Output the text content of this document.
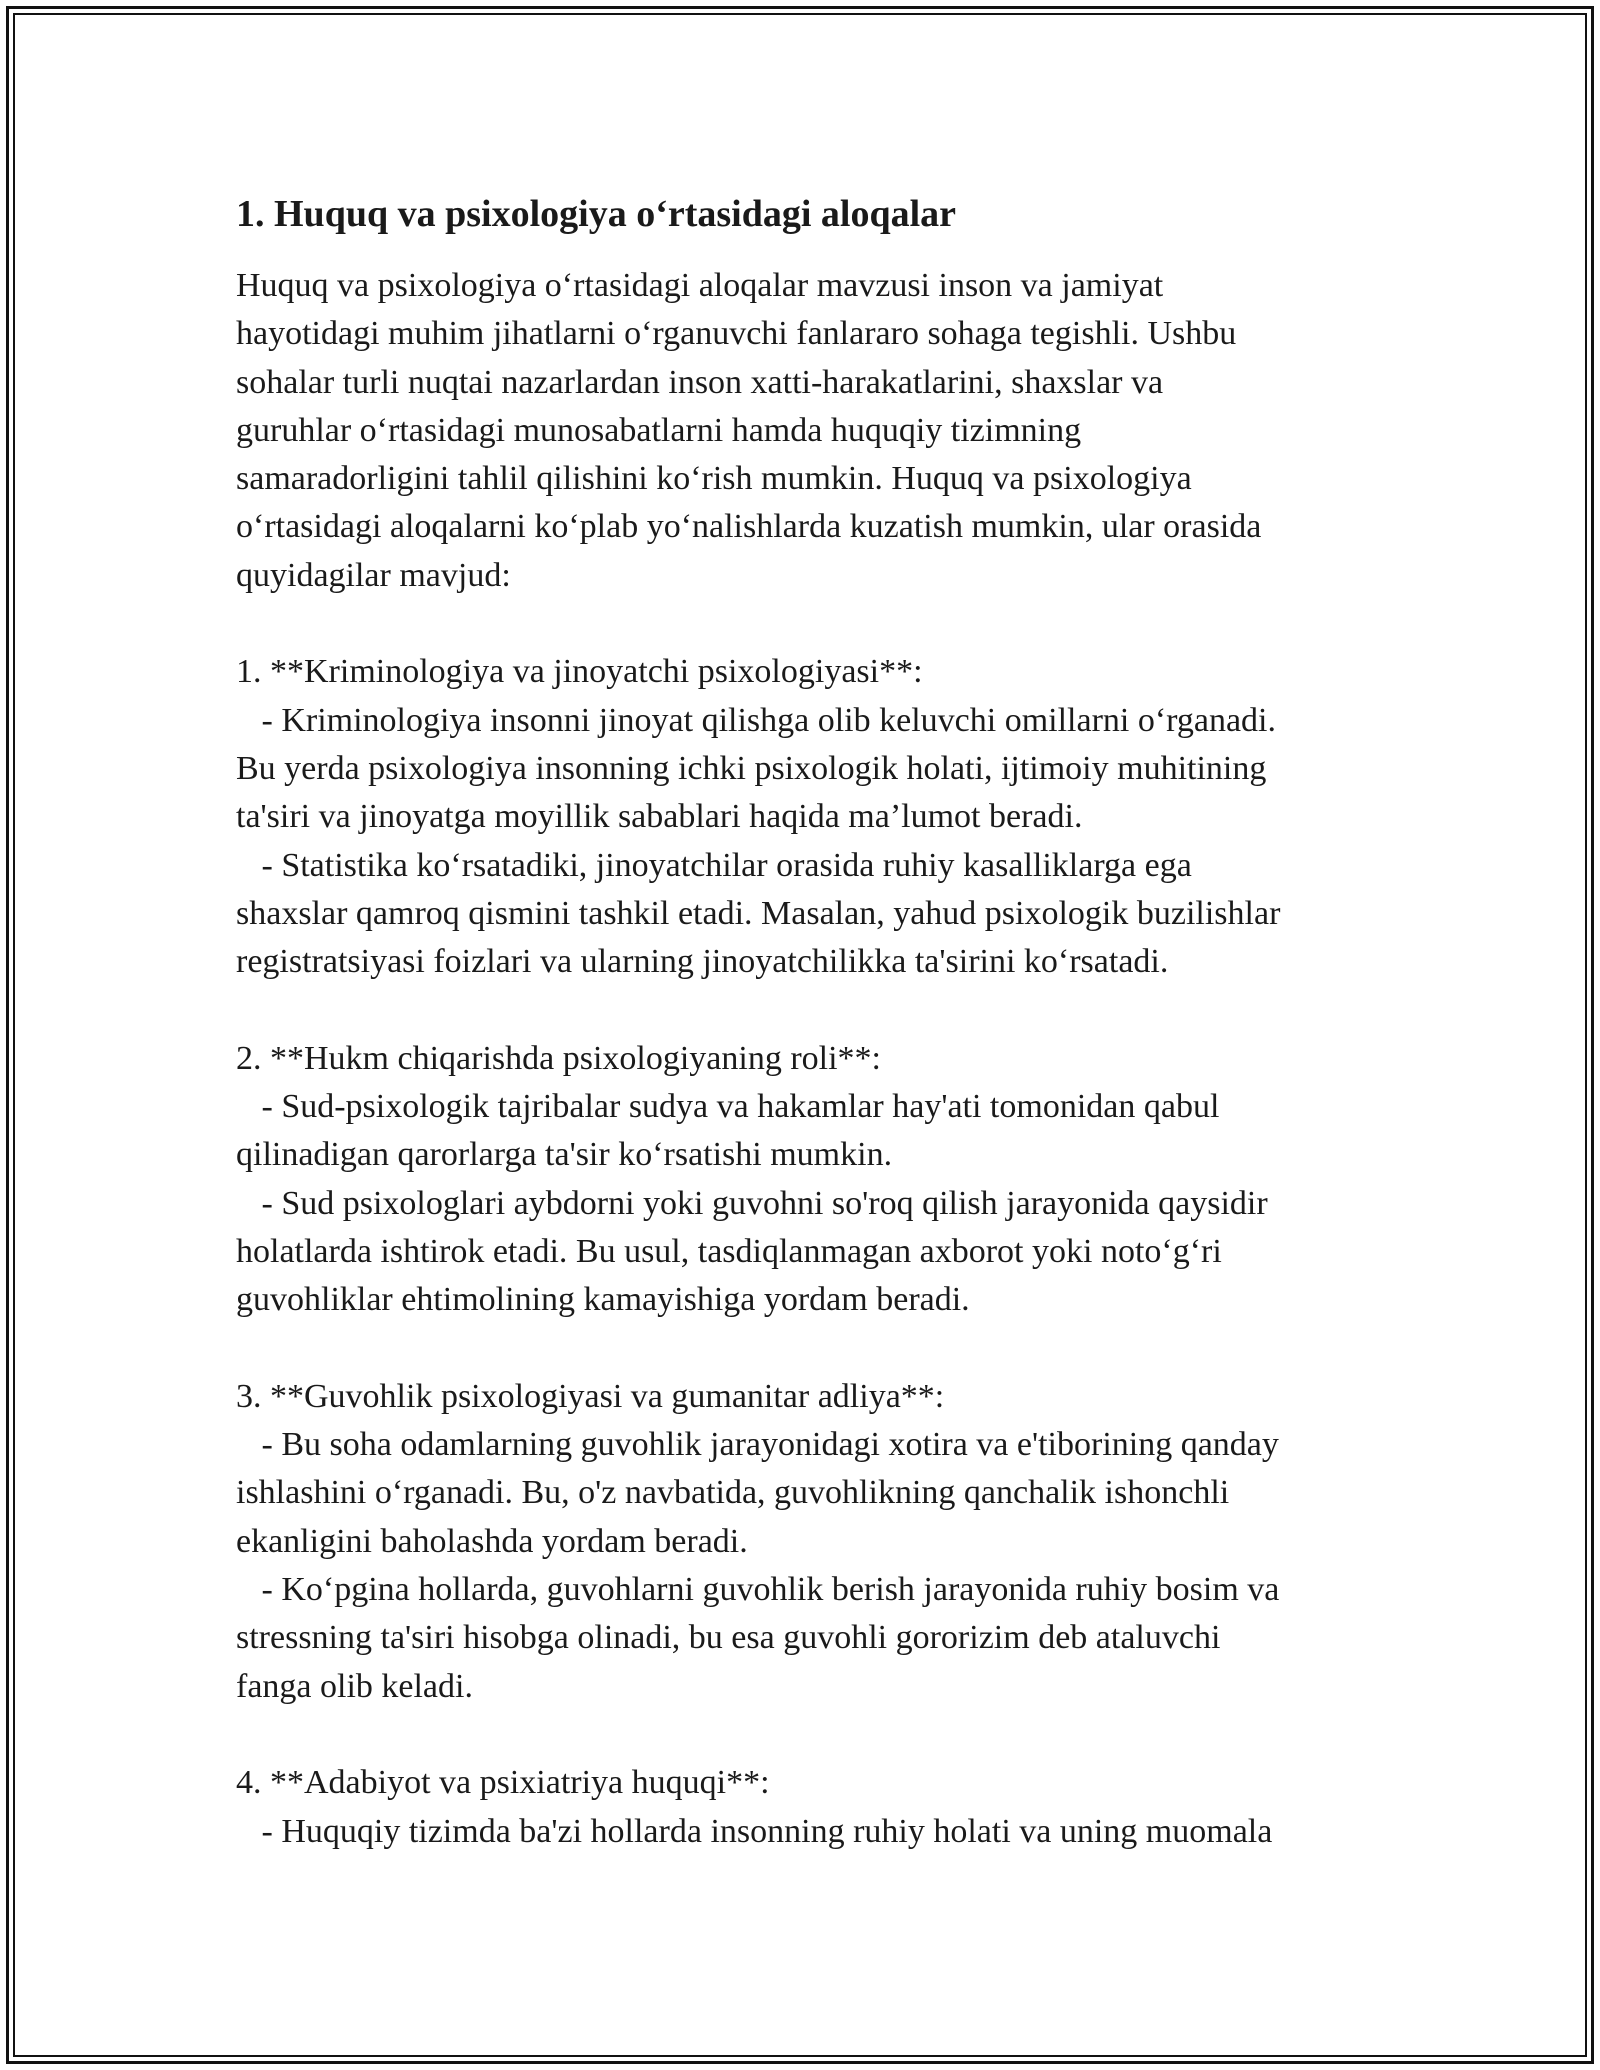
1. Huquq va psixologiya o‘rtasidagi aloqalar

Huquq va psixologiya o‘rtasidagi aloqalar mavzusi inson va jamiyat

hayotidagi muhim jihatlarni o‘rganuvchi fanlararo sohaga tegishli. Ushbu

sohalar turli nuqtai nazarlardan inson xatti-harakatlarini, shaxslar va

guruhlar o‘rtasidagi munosabatlarni hamda huquqiy tizimning

samaradorligini tahlil qilishini ko‘rish mumkin. Huquq va psixologiya

o‘rtasidagi aloqalarni ko‘plab yo‘nalishlarda kuzatish mumkin, ular orasida

quyidagilar mavjud:

1. **Kriminologiya va jinoyatchi psixologiyasi**:

- Kriminologiya insonni jinoyat qilishga olib keluvchi omillarni o‘rganadi.

Bu yerda psixologiya insonning ichki psixologik holati, ijtimoiy muhitining

ta'siri va jinoyatga moyillik sabablari haqida ma’lumot beradi.

- Statistika ko‘rsatadiki, jinoyatchilar orasida ruhiy kasalliklarga ega

shaxslar qamroq qismini tashkil etadi. Masalan, yahud psixologik buzilishlar

registratsiyasi foizlari va ularning jinoyatchilikka ta'sirini ko‘rsatadi.

2. **Hukm chiqarishda psixologiyaning roli**:

- Sud-psixologik tajribalar sudya va hakamlar hay'ati tomonidan qabul

qilinadigan qarorlarga ta'sir ko‘rsatishi mumkin.

- Sud psixologlari aybdorni yoki guvohni so'roq qilish jarayonida qaysidir

holatlarda ishtirok etadi. Bu usul, tasdiqlanmagan axborot yoki noto‘g‘ri

guvohliklar ehtimolining kamayishiga yordam beradi.

3. **Guvohlik psixologiyasi va gumanitar adliya**:

- Bu soha odamlarning guvohlik jarayonidagi xotira va e'tiborining qanday

ishlashini o‘rganadi. Bu, o'z navbatida, guvohlikning qanchalik ishonchli

ekanligini baholashda yordam beradi.

- Ko‘pgina hollarda, guvohlarni guvohlik berish jarayonida ruhiy bosim va

stressning ta'siri hisobga olinadi, bu esa guvohli gororizim deb ataluvchi

fanga olib keladi.

4. **Adabiyot va psixiatriya huquqi**:

- Huquqiy tizimda ba'zi hollarda insonning ruhiy holati va uning muomala
